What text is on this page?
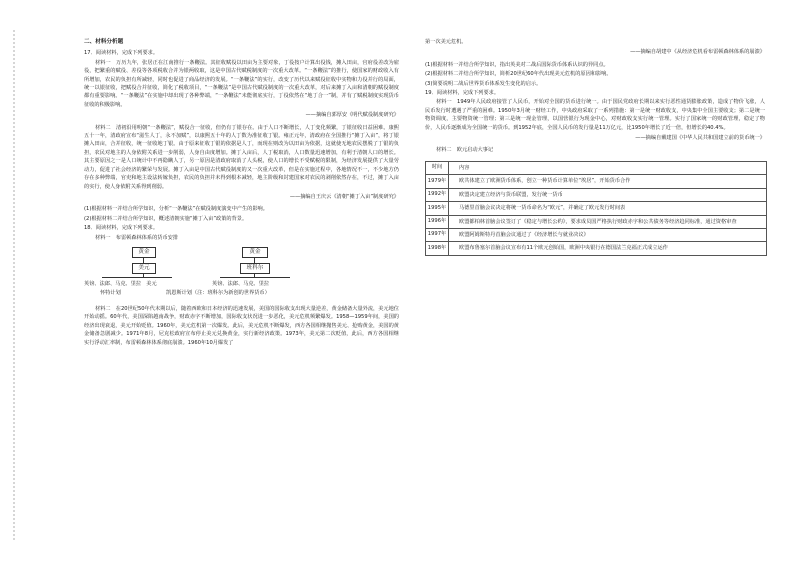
二、材料分析题

17．阅读材料，完成下列要求。

材料一　万历九年，张居正在江南推行一条鞭法。其征收赋役以田亩为主要对象，丁役按户计算出役钱，摊入田亩，官府役差改为雇役，把繁重的赋役、差役等各项税收合并为银两收取，这是中国古代赋税制度的一次重大改革。“一条鞭法”的推行，使国家的财政收入有所增加，农民的负担有所减轻，同时也促进了商品经济的发展。“一条鞭法”的实行，改变了历代以来赋役征收中实物和力役并行的局面，统一以银征收，把赋役合并征收，简化了税收项目，“一条鞭法”是中国古代赋役制度的一次重大改革，对后来摊丁入亩和清朝的赋役制度都有重要影响。“一条鞭法”在实施中却出现了各种弊端，“一条鞭法”未能彻底实行，丁役依然在“地丁合一”制，并有了赋税制度实现货币征收的积极影响。

——摘编自郭厚安《明代赋役制度研究》

材料二　清初沿用明朝“一条鞭法”，赋役合一征收，但仍有丁银存在。由于人口不断增长，人丁变化频繁，丁银征收日益困难。康熙五十一年，清政府宣布“滋生人丁，永不加赋”，以康熙五十年的人丁数为准征收丁银。雍正元年，清政府在全国推行“摊丁入亩”，将丁银摊入田亩，合并征收，统一征收地丁银。由于原来征收丁银的依据是人丁，而现在则改为以田亩为依据，这就使无地农民摆脱了丁银的负担，农民对地主的人身依附关系进一步削弱，人身自由度增加。摊丁入亩后，人丁税取消，人口数量迅速增加，有利于清朝人口的增长。其主要原因之一是人口统计中不再隐瞒人丁，另一原因是清政府取消了人头税，使人口的增长不受赋税的限制，为经济发展提供了大量劳动力，促进了社会经济的繁荣与发展。摊丁入亩是中国古代赋役制度的又一次重大改革，但是在实施过程中，各地情况不一，不少地方仍存在多种弊端，官吏和地主设法转嫁负担，农民的负担并未得到根本减轻，地主阶级和封建国家对农民的剥削依然存在，不过，摊丁入亩的实行，使人身依附关系得到削弱。

——摘编自王庆云《清朝“摊丁入亩”制度研究》

(1)根据材料一并结合所学知识，分析“一条鞭法”在赋役制度演变中产生的影响。

(2)根据材料二并结合所学知识，概述清朝实施“摊丁入亩”政策的背景。

18．阅读材料，完成下列要求。

材料一　布雷顿森林体系的货币安排

黄金
美元
黄金
班科尔
英镑、法郎、马克、里拉　美元	英镑、法郎、马克、里拉
怀特计划	凯恩斯计划（注：班科尔为新创的世界货币）

材料二　在20世纪50年代末期以后，随着西欧和日本经济的迅速发展，美国的国际收支出现大量逆差，黄金储备大量外流，美元地位开始动摇。60年代，美国深陷越南战争，财政赤字不断增加，国际收支状况进一步恶化，美元危机频繁爆发。1958—1959年间，美国的经济出现衰退，美元开始贬值。1960年，美元危机第一次爆发。此后，美元危机不断爆发，西方各国相继抛售美元、抢购黄金，美国的黄金储备急剧减少。1971年8月，尼克松政府宣布停止美元兑换黄金，实行新经济政策。1973年，美元第二次贬值，此后，西方各国相继实行浮动汇率制，布雷顿森林体系彻底崩溃。1960年10月爆发了

第一次美元危机。

——摘编自胡建中《从经济危机看布雷顿森林体系的崩溃》

(1)根据材料一并结合所学知识，指出英美对二战后国际货币体系认识的异同点。

(2)根据材料二并结合所学知识，简析20世纪60年代出现美元危机的原因和影响。

(3)简要说明二战后世界货币体系发生变化的启示。

19．阅读材料，完成下列要求。

材料一　1949年人民政府接管了人民币，开始对全国的货币进行统一。由于国民党政府长期以来实行恶性通货膨胀政策，造成了物价飞涨，人民币发行时遭遇了严重的困难。1950年3月统一财经工作，中央政府采取了一系列措施：第一是统一财政收支，中央集中全国主要收支；第二是统一物资调度，主要物资统一管理；第三是统一现金管理，以国营银行为现金中心，对财政收支实行统一管理。实行了国家统一的财政管理，稳定了物价，人民币逐渐成为全国统一的货币。到1952年底，全国人民币的发行量是11万亿元，比1950年增长了近一倍，但增长的40.4%。

——摘编自戴建国《中华人民共和国建立前的货币统一》

材料二　欧元启动大事记

时间	内容
1979年	欧共体建立了欧洲货币体系，创立一种货币计算单位“埃居”，开始货币合作
1992年	欧盟决定建立经济与货币联盟，发行统一货币
1995年	马德里首脑会议决定将统一货币命名为“欧元”，并确定了欧元发行时间表
1996年	欧盟都柏林首脑会议签订了《稳定与增长公约》，要求成员国严格执行财政赤字和公共债务等经济趋同标准，通过资格审查
1997年	欧盟阿姆斯特丹首脑会议通过了《经济增长与就业决议》
1998年	欧盟布鲁塞尔首脑会议宣布有11个欧元创始国，欧洲中央银行在德国法兰克福正式成立运作
